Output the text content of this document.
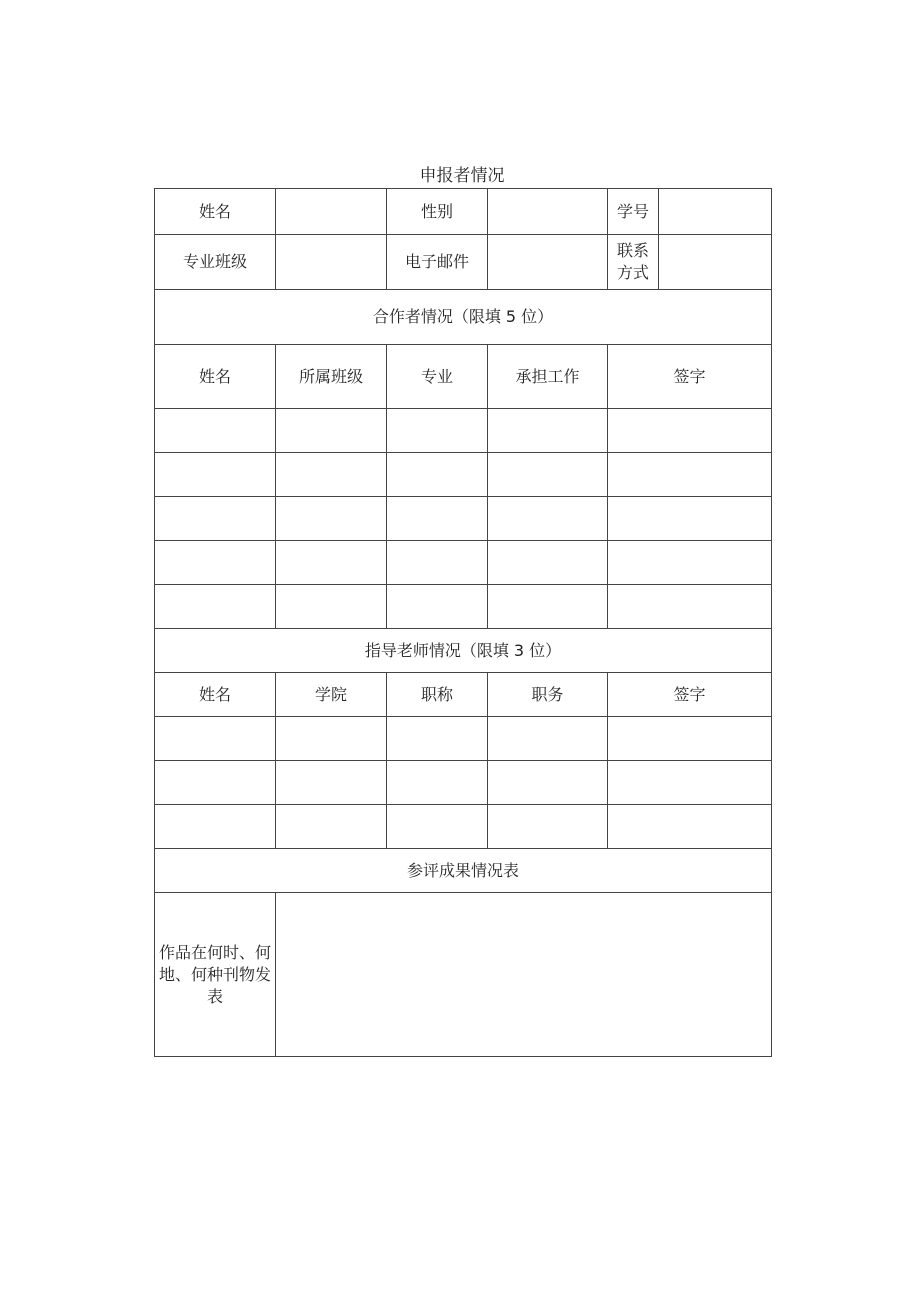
申报者情况
姓名		性别		学号	
专业班级		电子邮件		联系
方式	

合作者情况（限填 5 位）					
姓名	所属班级	专业	承担工作	签字	

指导老师情况（限填 3 位）					
姓名	学院	职称	职务	签字	

参评成果情况表					
作品在何时、何地、何种刊物发表					
